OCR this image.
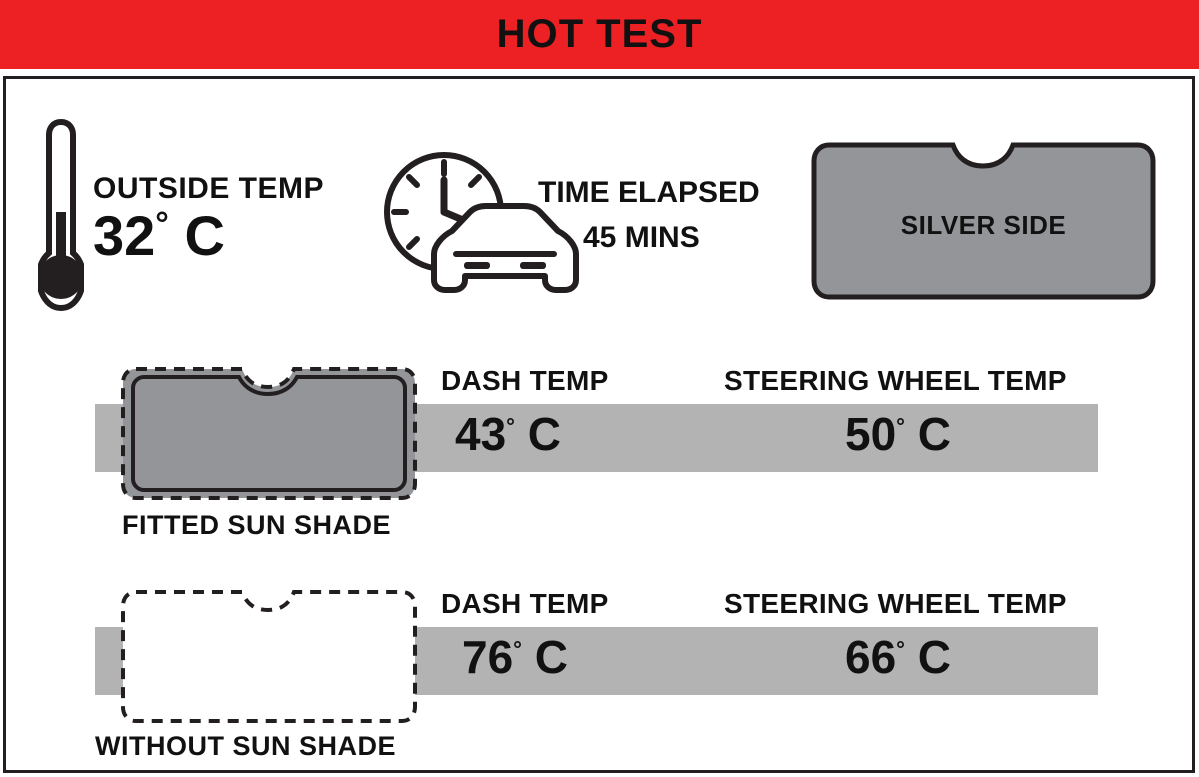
HOT TEST
OUTSIDE TEMP
32° C
TIME ELAPSED
45 MINS	SILVER SIDE
FITTED SUN SHADE
DASH TEMP
43° C
STEERING WHEEL TEMP
50° C
WITHOUT SUN SHADE
DASH TEMP
76° C
STEERING WHEEL TEMP
66° C
